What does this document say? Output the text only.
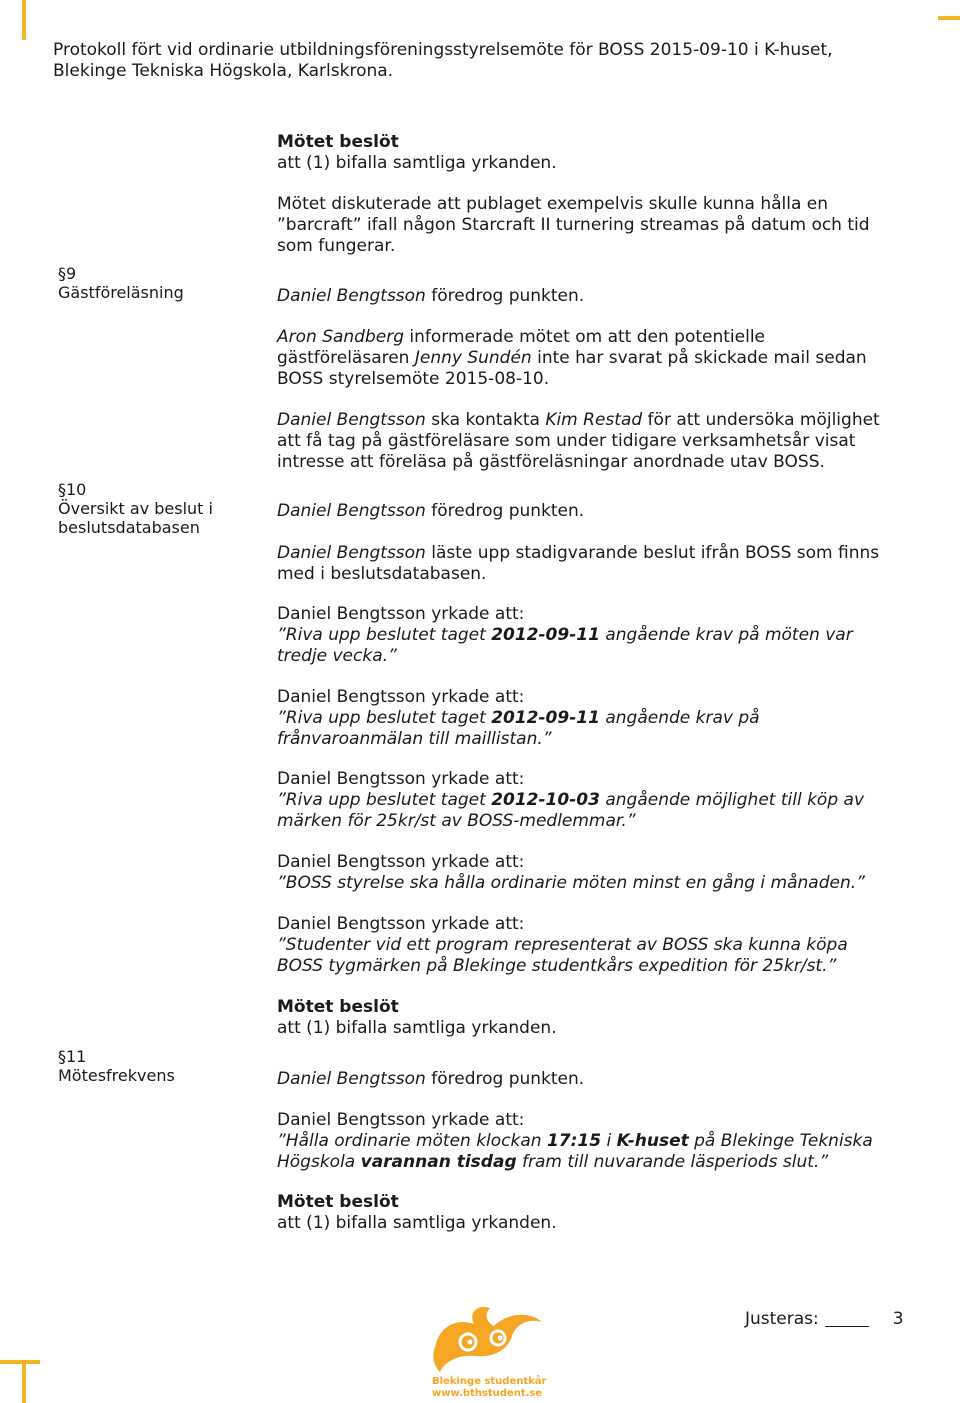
Protokoll fört vid ordinarie utbildningsföreningsstyrelsemöte för BOSS 2015-09-10 i K-huset,
Blekinge Tekniska Högskola, Karlskrona.
§ 9
Gästföreläsning
§ 10
Översikt av beslut i
beslutsdatabasen
§ 11
Mötesfrekvens
Mötet beslöt
att (1) bifalla samtliga yrkanden.
Mötet diskuterade att publaget exempelvis skulle kunna hålla en
”barcraft” ifall någon Starcraft II turnering streamas på datum och tid
som fungerar.
Daniel Bengtsson föredrog punkten.
Aron Sandberg informerade mötet om att den potentielle
gästföreläsaren Jenny Sundén inte har svarat på skickade mail sedan
BOSS styrelsemöte 2015-08-10.
Daniel Bengtsson ska kontakta Kim Restad för att undersöka möjlighet
att få tag på gästföreläsare som under tidigare verksamhetsår visat
intresse att föreläsa på gästföreläsningar anordnade utav BOSS.
Daniel Bengtsson föredrog punkten.
Daniel Bengtsson läste upp stadigvarande beslut ifrån BOSS som finns
med i beslutsdatabasen.
Daniel Bengtsson yrkade att:
”Riva upp beslutet taget 2012-09-11 angående krav på möten var
tredje vecka.”
Daniel Bengtsson yrkade att:
”Riva upp beslutet taget 2012-09-11 angående krav på
frånvaroanmälan till maillistan.”
Daniel Bengtsson yrkade att:
”Riva upp beslutet taget 2012-10-03 angående möjlighet till köp av
märken för 25kr/st av BOSS-medlemmar.”
Daniel Bengtsson yrkade att:
”BOSS styrelse ska hålla ordinarie möten minst en gång i månaden.”
Daniel Bengtsson yrkade att:
”Studenter vid ett program representerat av BOSS ska kunna köpa
BOSS tygmärken på Blekinge studentkårs expedition för 25kr/st.”
Mötet beslöt
att (1) bifalla samtliga yrkanden.
Daniel Bengtsson föredrog punkten.
Daniel Bengtsson yrkade att:
”Hålla ordinarie möten klockan 17:15 i K-huset på Blekinge Tekniska
Högskola varannan tisdag fram till nuvarande läsperiods slut.”
Mötet beslöt
att (1) bifalla samtliga yrkanden.
Justeras:	3
Blekinge studentkår
www.bthstudent.se
